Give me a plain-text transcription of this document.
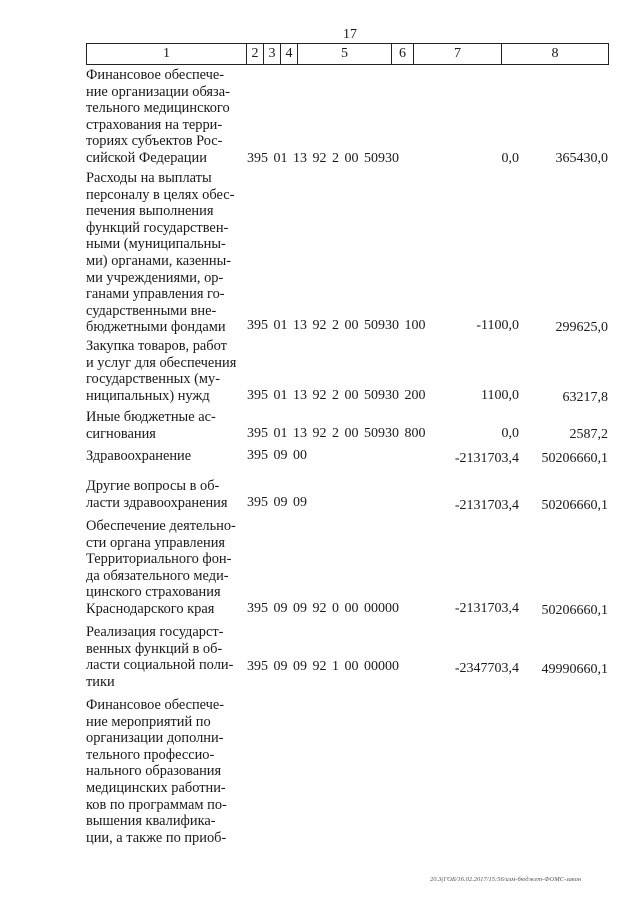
17
1	2	3	4	5	6	7	8
Финансовое обеспече-
ние организации обяза-
тельного медицинского
страхования на терри-
ториях субъектов Рос-
сийской Федерации	395 01 13 92 2 00 50930	0,0	365430,0
Расходы на выплаты
персоналу в целях обес-
печения выполнения
функций государствен-
ными (муниципальны-
ми) органами, казенны-
ми учреждениями, ор-
ганами управления го-
сударственными вне-
бюджетными фондами	395 01 13 92 2 00 50930 100	-1100,0	299625,0
Закупка товаров, работ
и услуг для обеспечения
государственных (му-
ниципальных) нужд	395 01 13 92 2 00 50930 200	1100,0	63217,8
Иные бюджетные ас-
сигнования	395 01 13 92 2 00 50930 800	0,0	2587,2
Здравоохранение	395 09 00	-2131703,4 50206660,1
Другие вопросы в об-
ласти здравоохранения	395 09 09	-2131703,4 50206660,1
Обеспечение деятельно-
сти органа управления
Территориального фон-
да обязательного меди-
цинского страхования
Краснодарского края	395 09 09 92 0 00 00000	-2131703,4 50206660,1
Реализация государст-
венных функций в об-
ласти социальной поли-
тики
395 09 09 92 1 00 00000	-2347703,4 49990660,1
Финансовое обеспече-
ние мероприятий по
организации дополни-
тельного профессио-
нального образования
медицинских работни-
ков по программам по-
вышения квалифика-
ции, а также по приоб-
20.3(ГОБ/16.02.2017/15:56/изм-бюджет-ФОМС-закон
